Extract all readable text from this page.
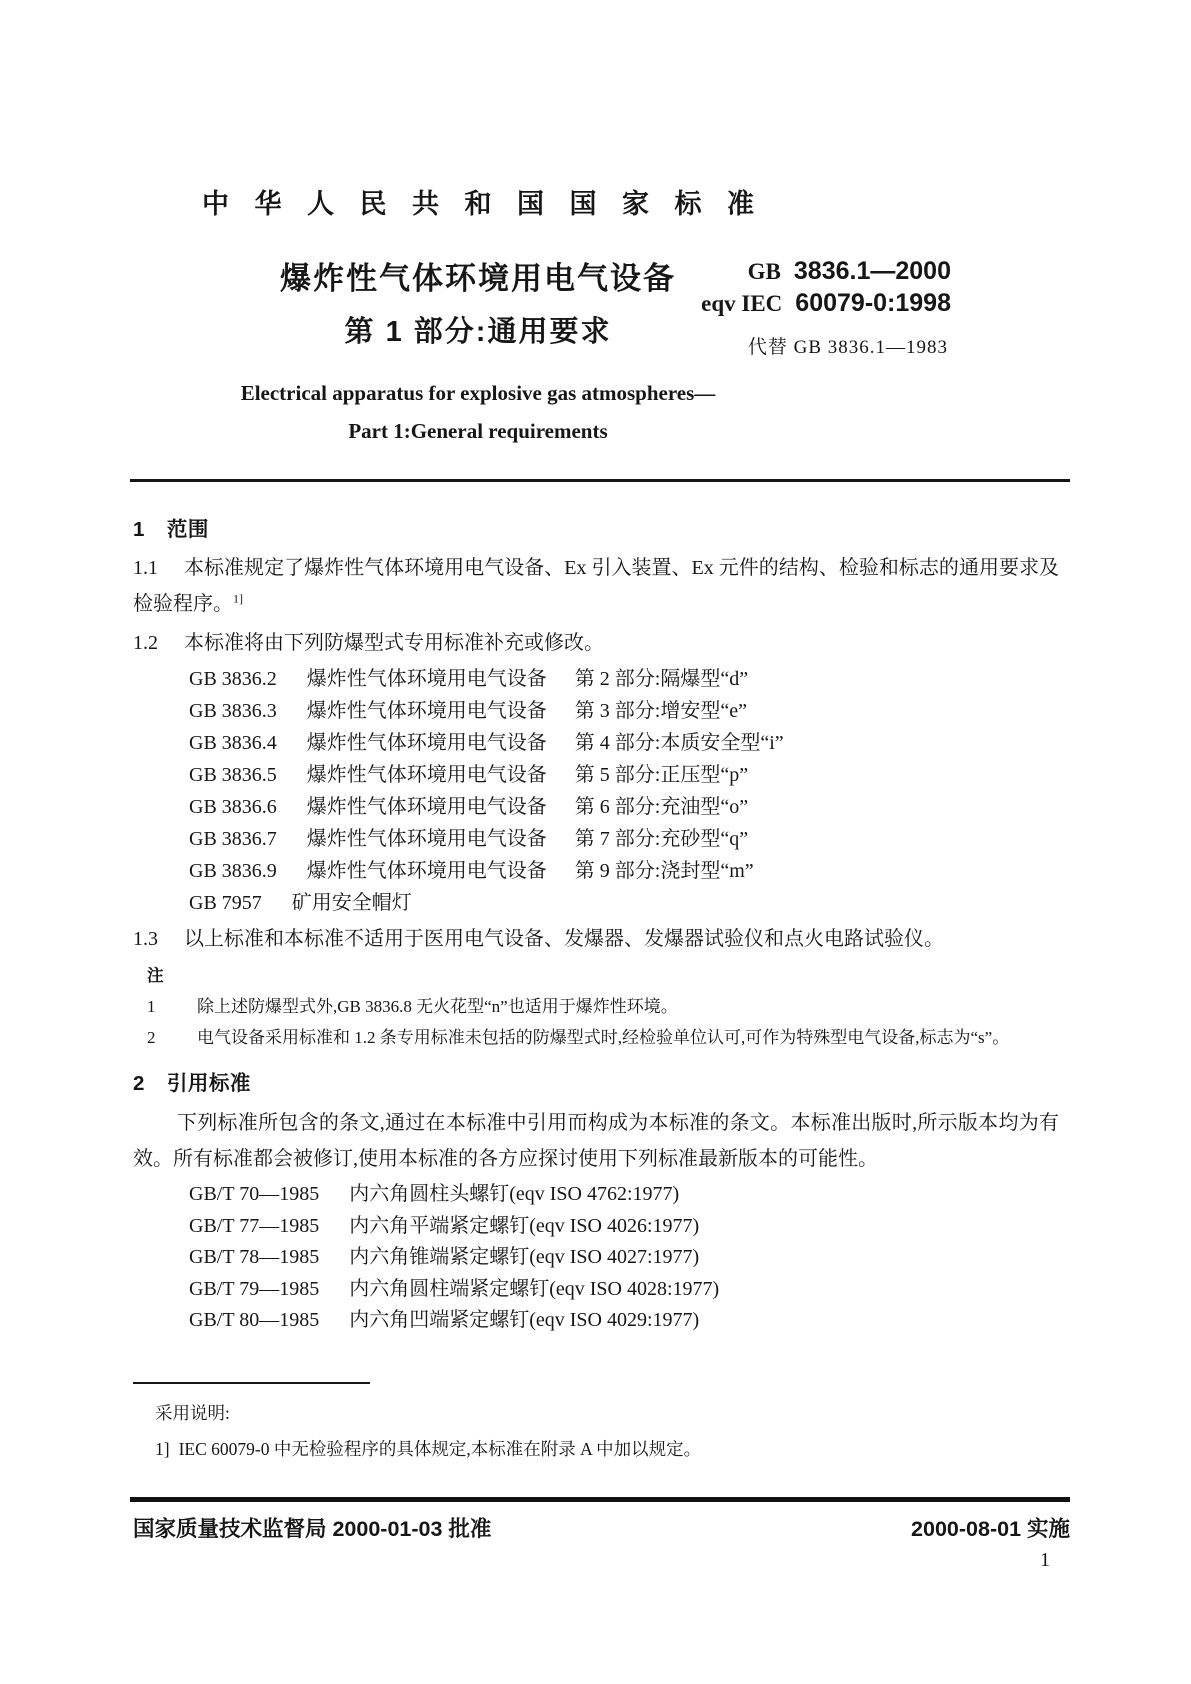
中 华 人 民 共 和 国 国 家 标 准
爆炸性气体环境用电气设备
第 1 部分:通用要求
GB 3836.1—2000
eqv IEC 60079-0:1998
代替 GB 3836.1—1983
Electrical apparatus for explosive gas atmospheres—
Part 1:General requirements
1 范围

1.1 本标准规定了爆炸性气体环境用电气设备、Ex 引入装置、Ex 元件的结构、检验和标志的通用要求及检验程序。$^{1]}$

1.2 本标准将由下列防爆型式专用标准补充或修改。

GB 3836.2 爆炸性气体环境用电气设备 第 2 部分:隔爆型“d”
GB 3836.3 爆炸性气体环境用电气设备 第 3 部分:增安型“e”
GB 3836.4 爆炸性气体环境用电气设备 第 4 部分:本质安全型“i”
GB 3836.5 爆炸性气体环境用电气设备 第 5 部分:正压型“p”
GB 3836.6 爆炸性气体环境用电气设备 第 6 部分:充油型“o”
GB 3836.7 爆炸性气体环境用电气设备 第 7 部分:充砂型“q”
GB 3836.9 爆炸性气体环境用电气设备 第 9 部分:浇封型“m”
GB 7957 矿用安全帽灯

1.3 以上标准和本标准不适用于医用电气设备、发爆器、发爆器试验仪和点火电路试验仪。

注
1	除上述防爆型式外,GB 3836.8 无火花型“n”也适用于爆炸性环境。
2	电气设备采用标准和 1.2 条专用标准未包括的防爆型式时,经检验单位认可,可作为特殊型电气设备,标志为“s”。
2 引用标准

下列标准所包含的条文,通过在本标准中引用而构成为本标准的条文。本标准出版时,所示版本均为有效。所有标准都会被修订,使用本标准的各方应探讨使用下列标准最新版本的可能性。

GB/T 70—1985 内六角圆柱头螺钉(eqv ISO 4762:1977)
GB/T 77—1985 内六角平端紧定螺钉(eqv ISO 4026:1977)
GB/T 78—1985 内六角锥端紧定螺钉(eqv ISO 4027:1977)
GB/T 79—1985 内六角圆柱端紧定螺钉(eqv ISO 4028:1977)
GB/T 80—1985 内六角凹端紧定螺钉(eqv ISO 4029:1977)
采用说明:
1] IEC 60079-0 中无检验程序的具体规定,本标准在附录 A 中加以规定。
国家质量技术监督局 2000-01-03 批准	2000-08-01 实施
1
